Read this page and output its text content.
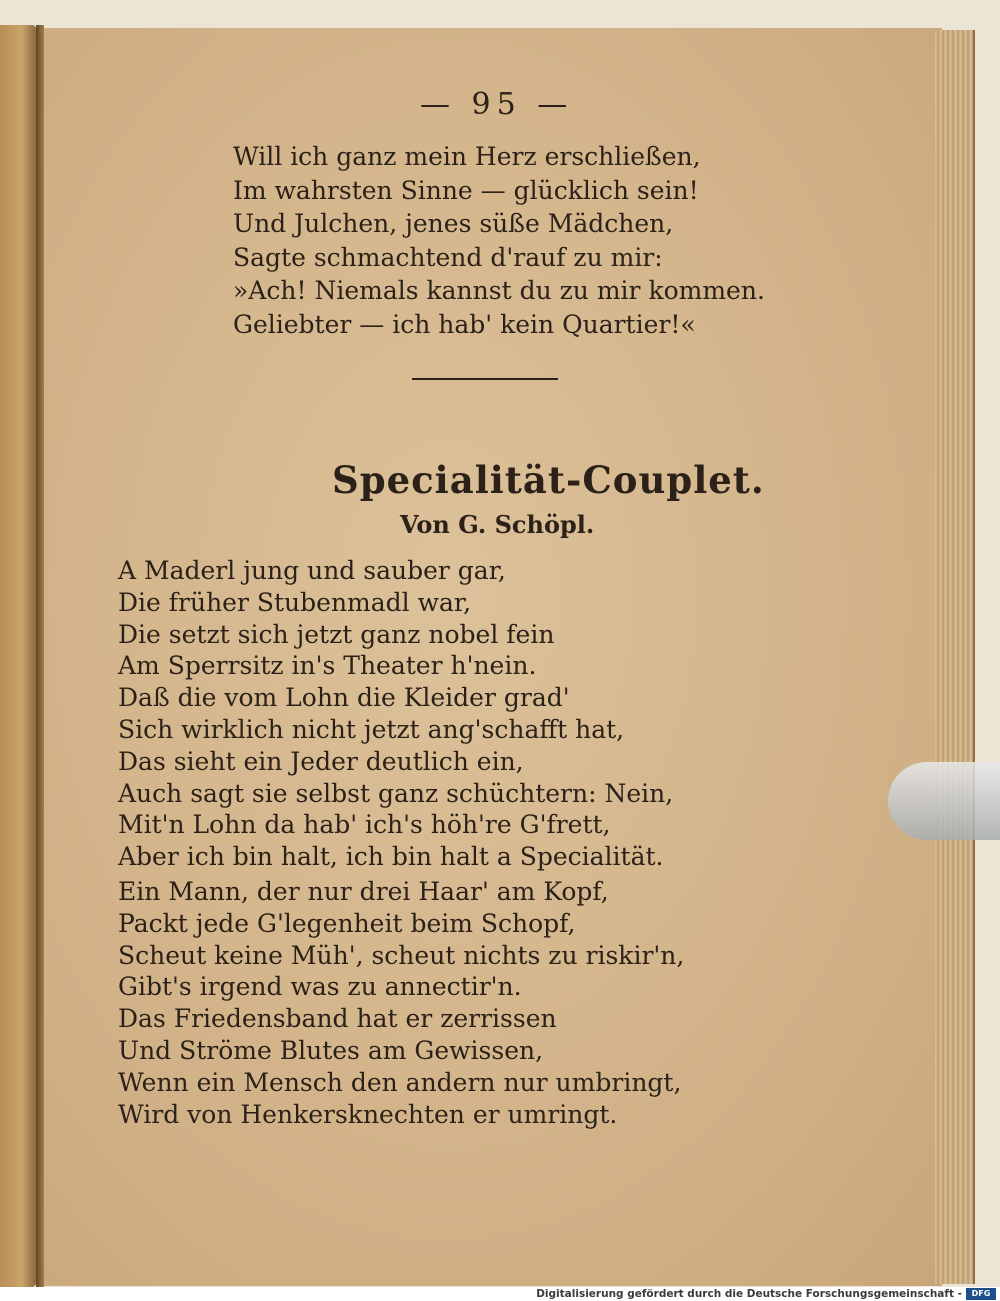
— 95 —
Will ich ganz mein Herz erschließen,
Im wahrsten Sinne — glücklich sein!
Und Julchen, jenes süße Mädchen,
Sagte schmachtend d'rauf zu mir:
»Ach! Niemals kannst du zu mir kommen.
Geliebter — ich hab' kein Quartier!«
Specialität-Couplet.
Von G. Schöpl.
A Maderl jung und sauber gar,
Die früher Stubenmadl war,
Die setzt sich jetzt ganz nobel fein
Am Sperrsitz in's Theater h'nein.
Daß die vom Lohn die Kleider grad'
Sich wirklich nicht jetzt ang'schafft hat,
Das sieht ein Jeder deutlich ein,
Auch sagt sie selbst ganz schüchtern: Nein,
Mit'n Lohn da hab' ich's höh're G'frett,
Aber ich bin halt, ich bin halt a Specialität.
Ein Mann, der nur drei Haar' am Kopf,
Packt jede G'legenheit beim Schopf,
Scheut keine Müh', scheut nichts zu riskir'n,
Gibt's irgend was zu annectir'n.
Das Friedensband hat er zerrissen
Und Ströme Blutes am Gewissen,
Wenn ein Mensch den andern nur umbringt,
Wird von Henkersknechten er umringt.
Digitalisierung gefördert durch die Deutsche Forschungsgemeinschaft -	DFG
